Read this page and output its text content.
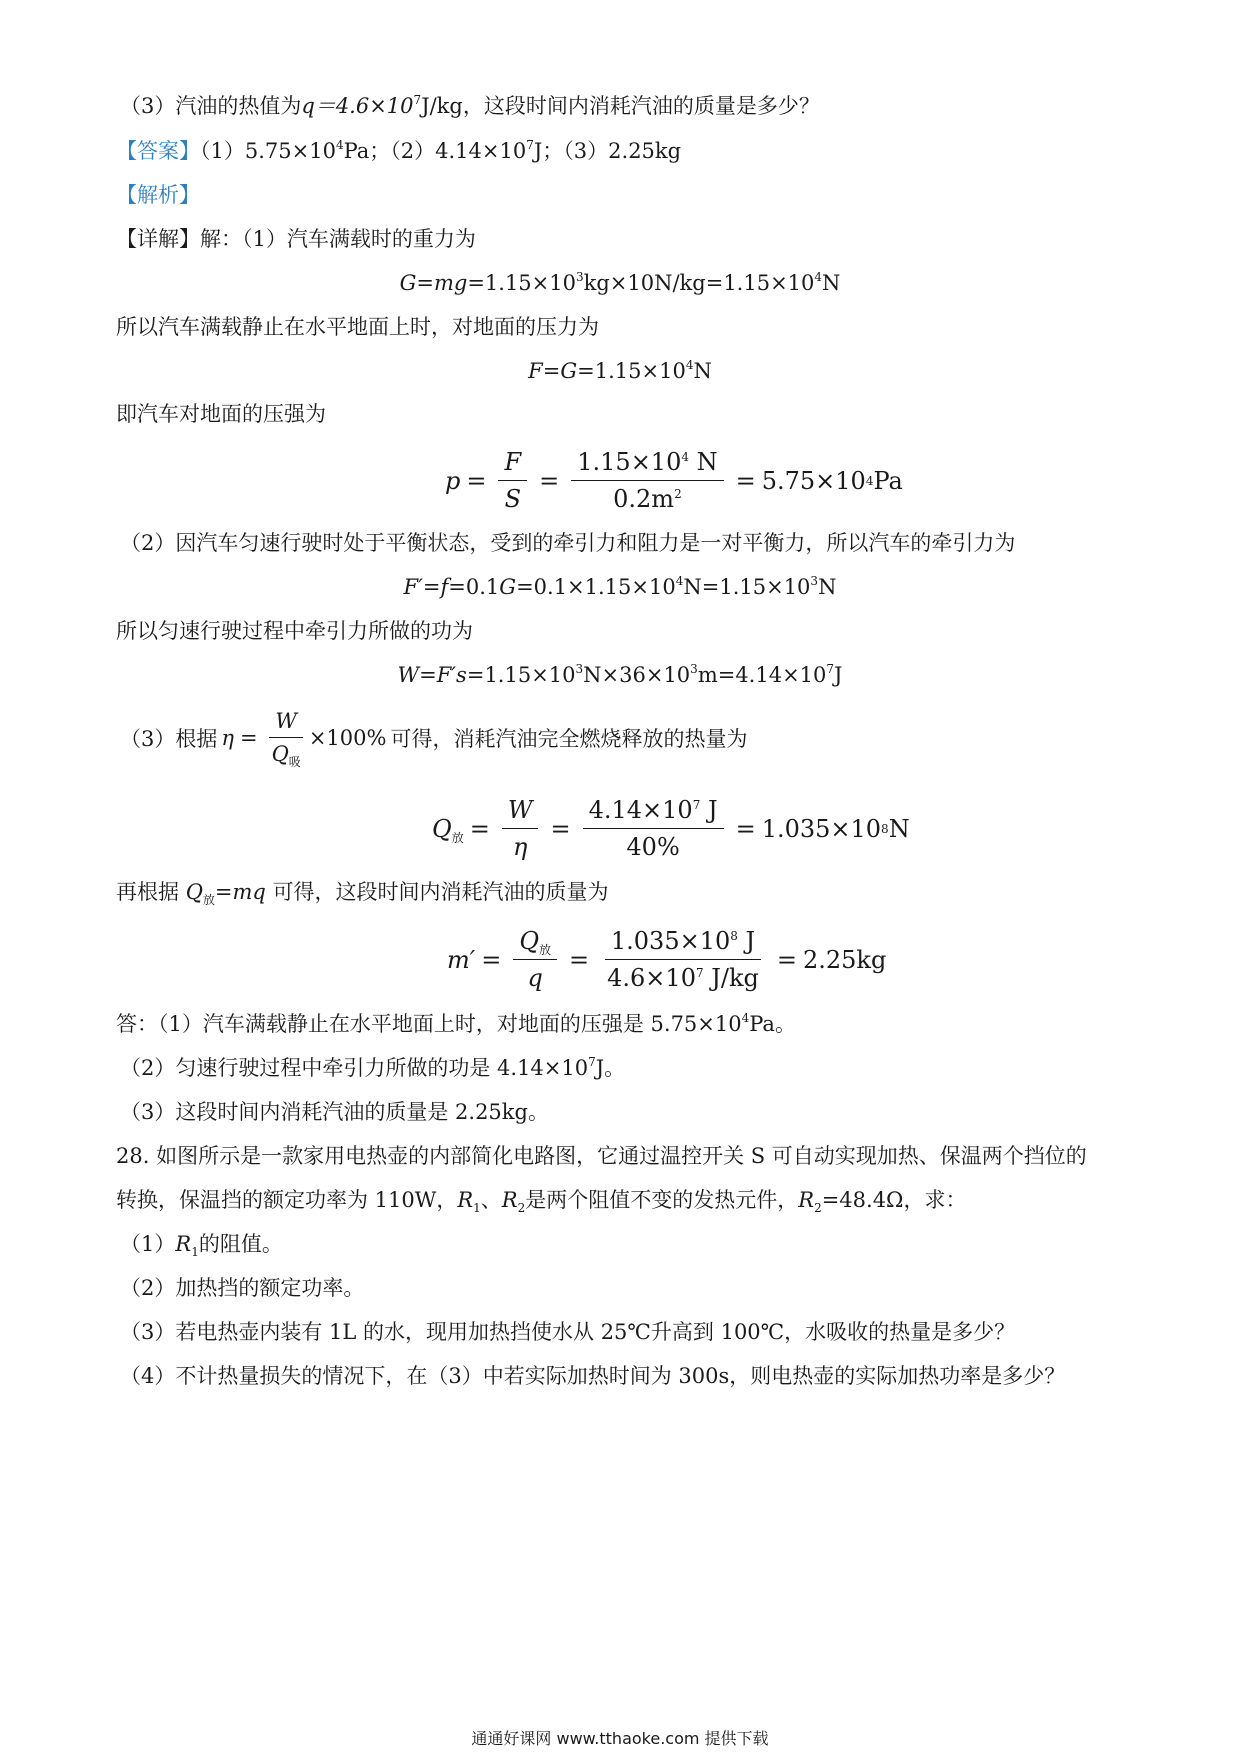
（3）汽油的热值为$q=4.6\times 10^7J/kg$，这段时间内消耗汽油的质量是多少？
【答案】$(1)5.75\times 10^4Pa$；$(2)4.14\times 10^7J$；（3）2.25kg
【解析】
【详解】解：（1）汽车满载时的重力为
$G=mg=1.15\times 10^3kg\times 10N/kg=1.15\times 10^4N$
所以汽车满载静止在水平地面上时，对地面的压力为
$F=G=1.15\times 10^4N$
即汽车对地面的压强为
$p = \frac{F}{S} = \frac{1.15\times 10^4 N}{0.2m^2} = 5.75\times 10$ 4 Pa
（2）因汽车匀速行驶时处于平衡状态，受到的牵引力和阻力是一对平衡力，所以汽车的牵引力为
$F'=f=0.1G=0.1\times 1.15\times 10^4N=1.15\times 10^3N$
所以匀速行驶过程中牵引力所做的功为
$W=F's=1.15\times 10^3N\times 36\times 10^3m=4.14\times 10^7J$
（3）根据 $\eta = \frac{W}{Q_吸} \times 100\%$ 可得，消耗汽油完全燃烧释放的热量为
$Q_放 = \frac{W}{\eta} = \frac{4.14\times 10^7 J}{40\%} = 1.035\times 10$ 8 N
再根据 $Q_放=mq$ 可得，这段时间内消耗汽油的质量为
$m' = \frac{Q_放}{q} = \frac{1.035\times 10^8 J}{4.6\times 10^7 J/kg} = 2.25kg$
答：（1）汽车满载静止在水平地面上时，对地面的压强是 $5.75\times 10^4Pa$。
（2）匀速行驶过程中牵引力所做的功是 $4.14\times 10^7J$。
（3）这段时间内消耗汽油的质量是 2.25kg。
28. 如图所示是一款家用电热壶的内部简化电路图，它通过温控开关 S 可自动实现加热、保温两个挡位的
转换，保温挡的额定功率为 110W，$R_1$、$R_2$是两个阻值不变的发热元件，$R_2=48.4\Omega$，求：
$(1)R_1$的阻值。
（2）加热挡的额定功率。
（3）若电热壶内装有 1L 的水，现用加热挡使水从 25℃升高到 100℃，水吸收的热量是多少？
（4）不计热量损失的情况下，在（3）中若实际加热时间为 300s，则电热壶的实际加热功率是多少？
通通好课网 www.tthaoke.com 提供下载
